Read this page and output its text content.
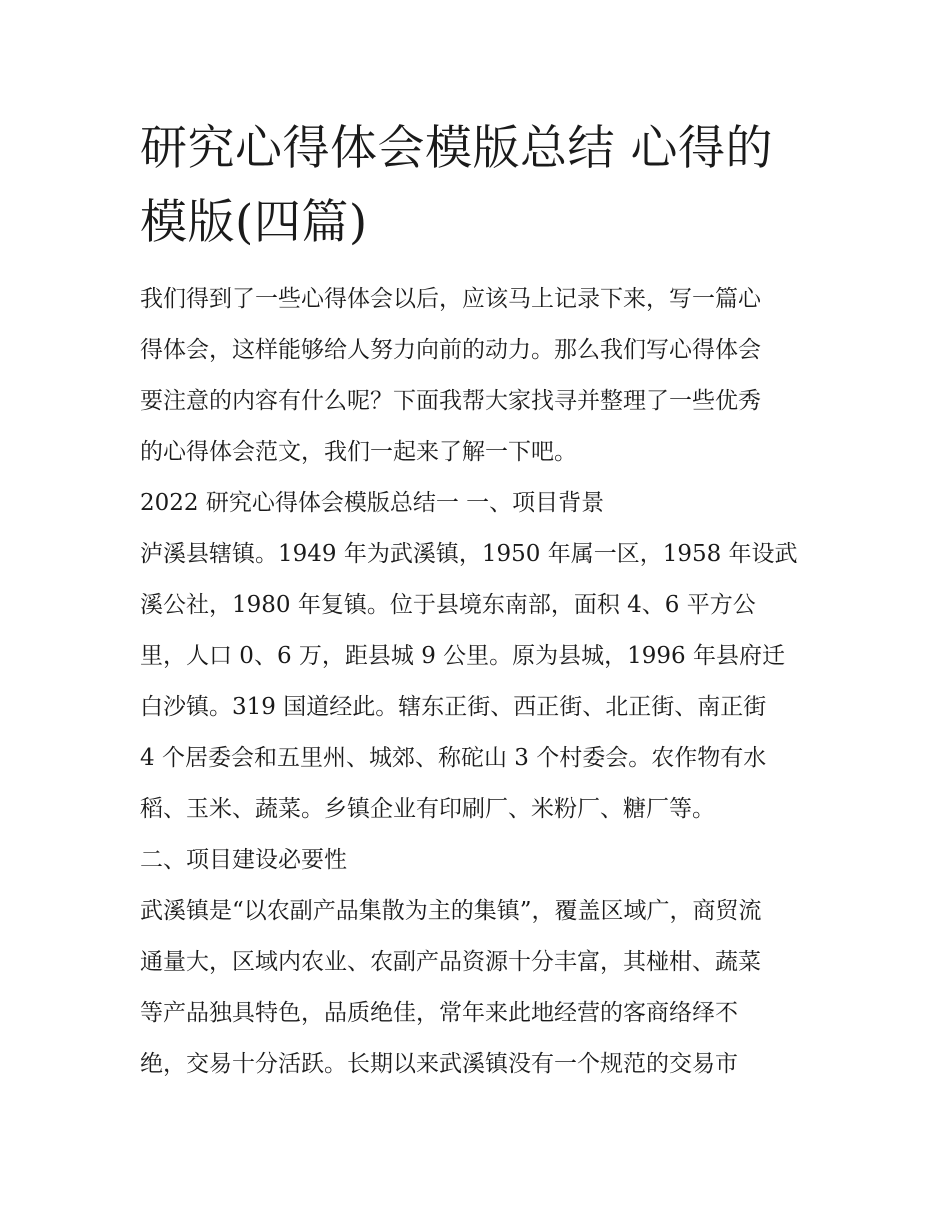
研究心得体会模版总结 心得的
模版(四篇)

我们得到了一些心得体会以后，应该马上记录下来，写一篇心
得体会，这样能够给人努力向前的动力。那么我们写心得体会
要注意的内容有什么呢？下面我帮大家找寻并整理了一些优秀
的心得体会范文，我们一起来了解一下吧。

2022 研究心得体会模版总结一 一、项目背景

泸溪县辖镇。1949 年为武溪镇，1950 年属一区，1958 年设武
溪公社，1980 年复镇。位于县境东南部，面积 4、6 平方公
里，人口 0、6 万，距县城 9 公里。原为县城，1996 年县府迁
白沙镇。319 国道经此。辖东正街、西正街、北正街、南正街
4 个居委会和五里州、城郊、称砣山 3 个村委会。农作物有水
稻、玉米、蔬菜。乡镇企业有印刷厂、米粉厂、糖厂等。

二、项目建设必要性

武溪镇是“以农副产品集散为主的集镇”，覆盖区域广，商贸流
通量大，区域内农业、农副产品资源十分丰富，其椪柑、蔬菜
等产品独具特色，品质绝佳，常年来此地经营的客商络绎不
绝，交易十分活跃。长期以来武溪镇没有一个规范的交易市
